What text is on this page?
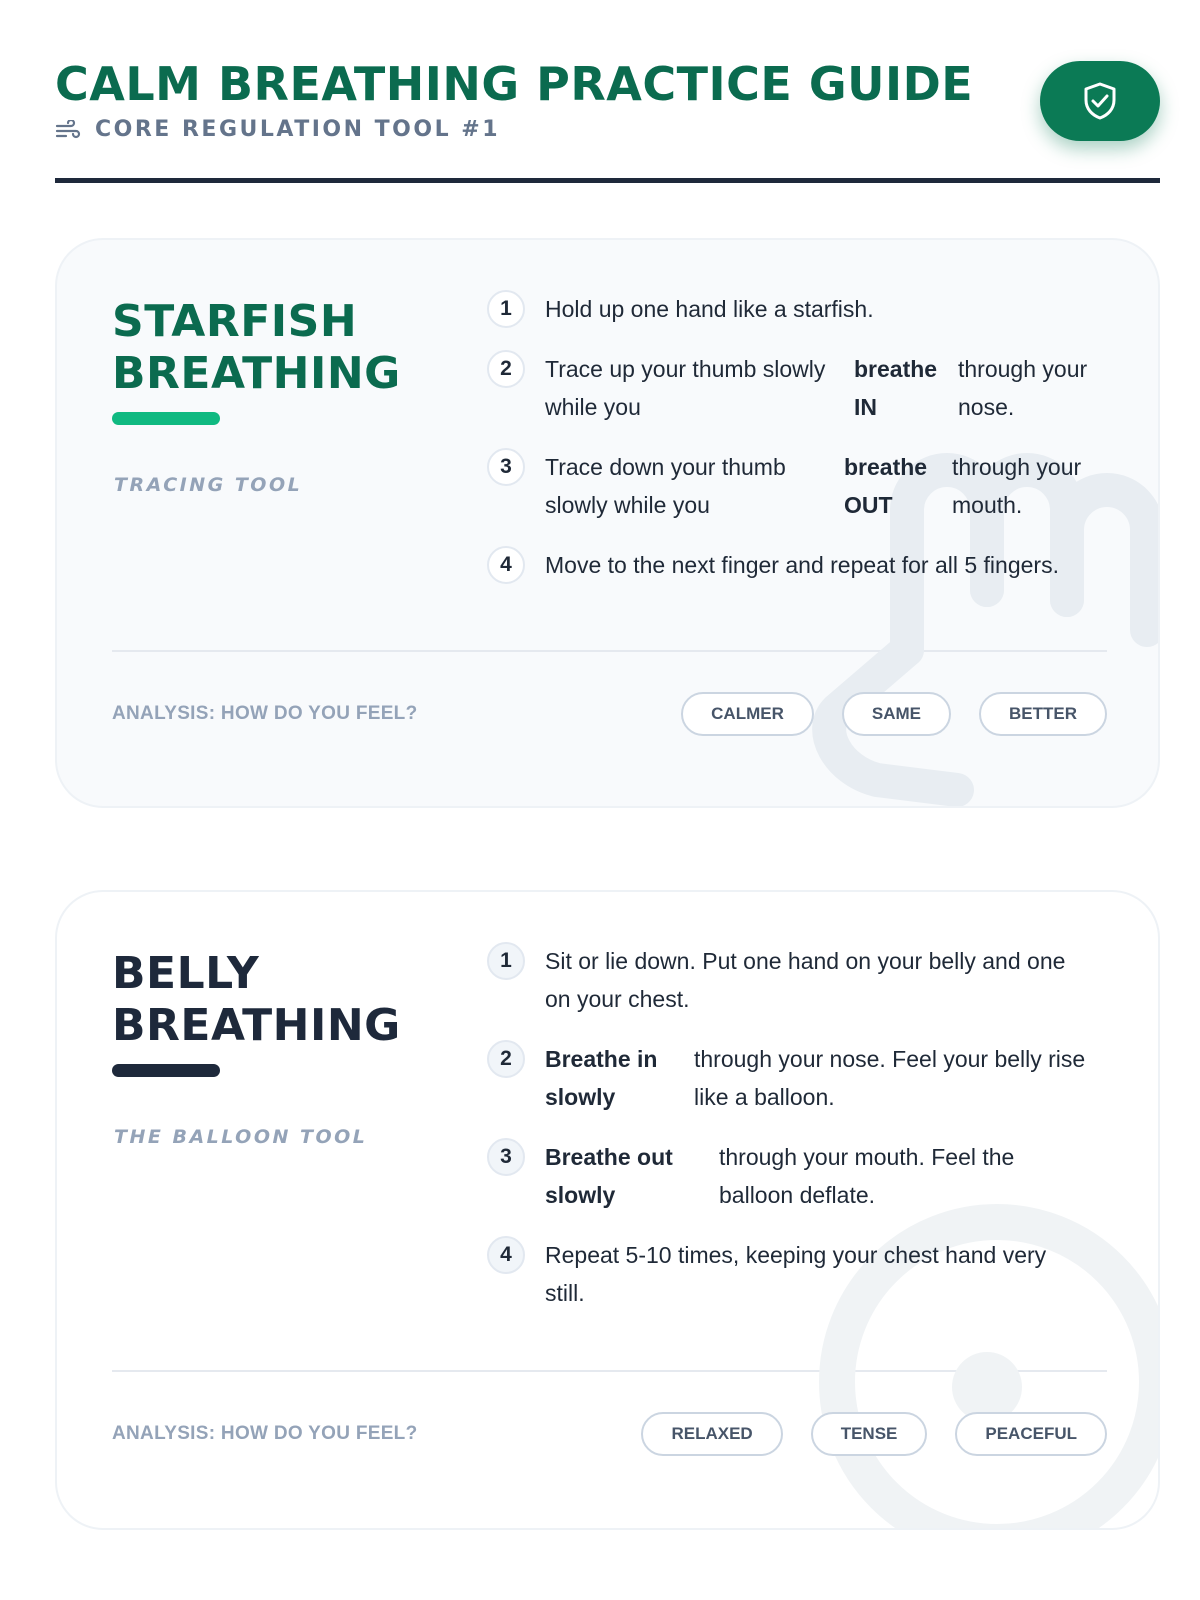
CALM BREATHING PRACTICE GUIDE
CORE REGULATION TOOL #1
STARFISH
BREATHING
TRACING TOOL
1	Hold up one hand like a starfish.
2	Trace up your thumb slowly while you
breathe IN
through your nose.
3	Trace down your thumb slowly while you
breathe OUT
through your mouth.
4	Move to the next finger and repeat for all 5 fingers.
ANALYSIS: HOW DO YOU FEEL?	CALMER	SAME	BETTER
BELLY
BREATHING
THE BALLOON TOOL
1	Sit or lie down. Put one hand on your belly and one on your chest.
2	Breathe in slowly
through your nose. Feel your belly rise like a balloon.
3	Breathe out slowly
through your mouth. Feel the balloon deflate.
4	Repeat 5-10 times, keeping your chest hand very still.
ANALYSIS: HOW DO YOU FEEL?	RELAXED	TENSE	PEACEFUL
